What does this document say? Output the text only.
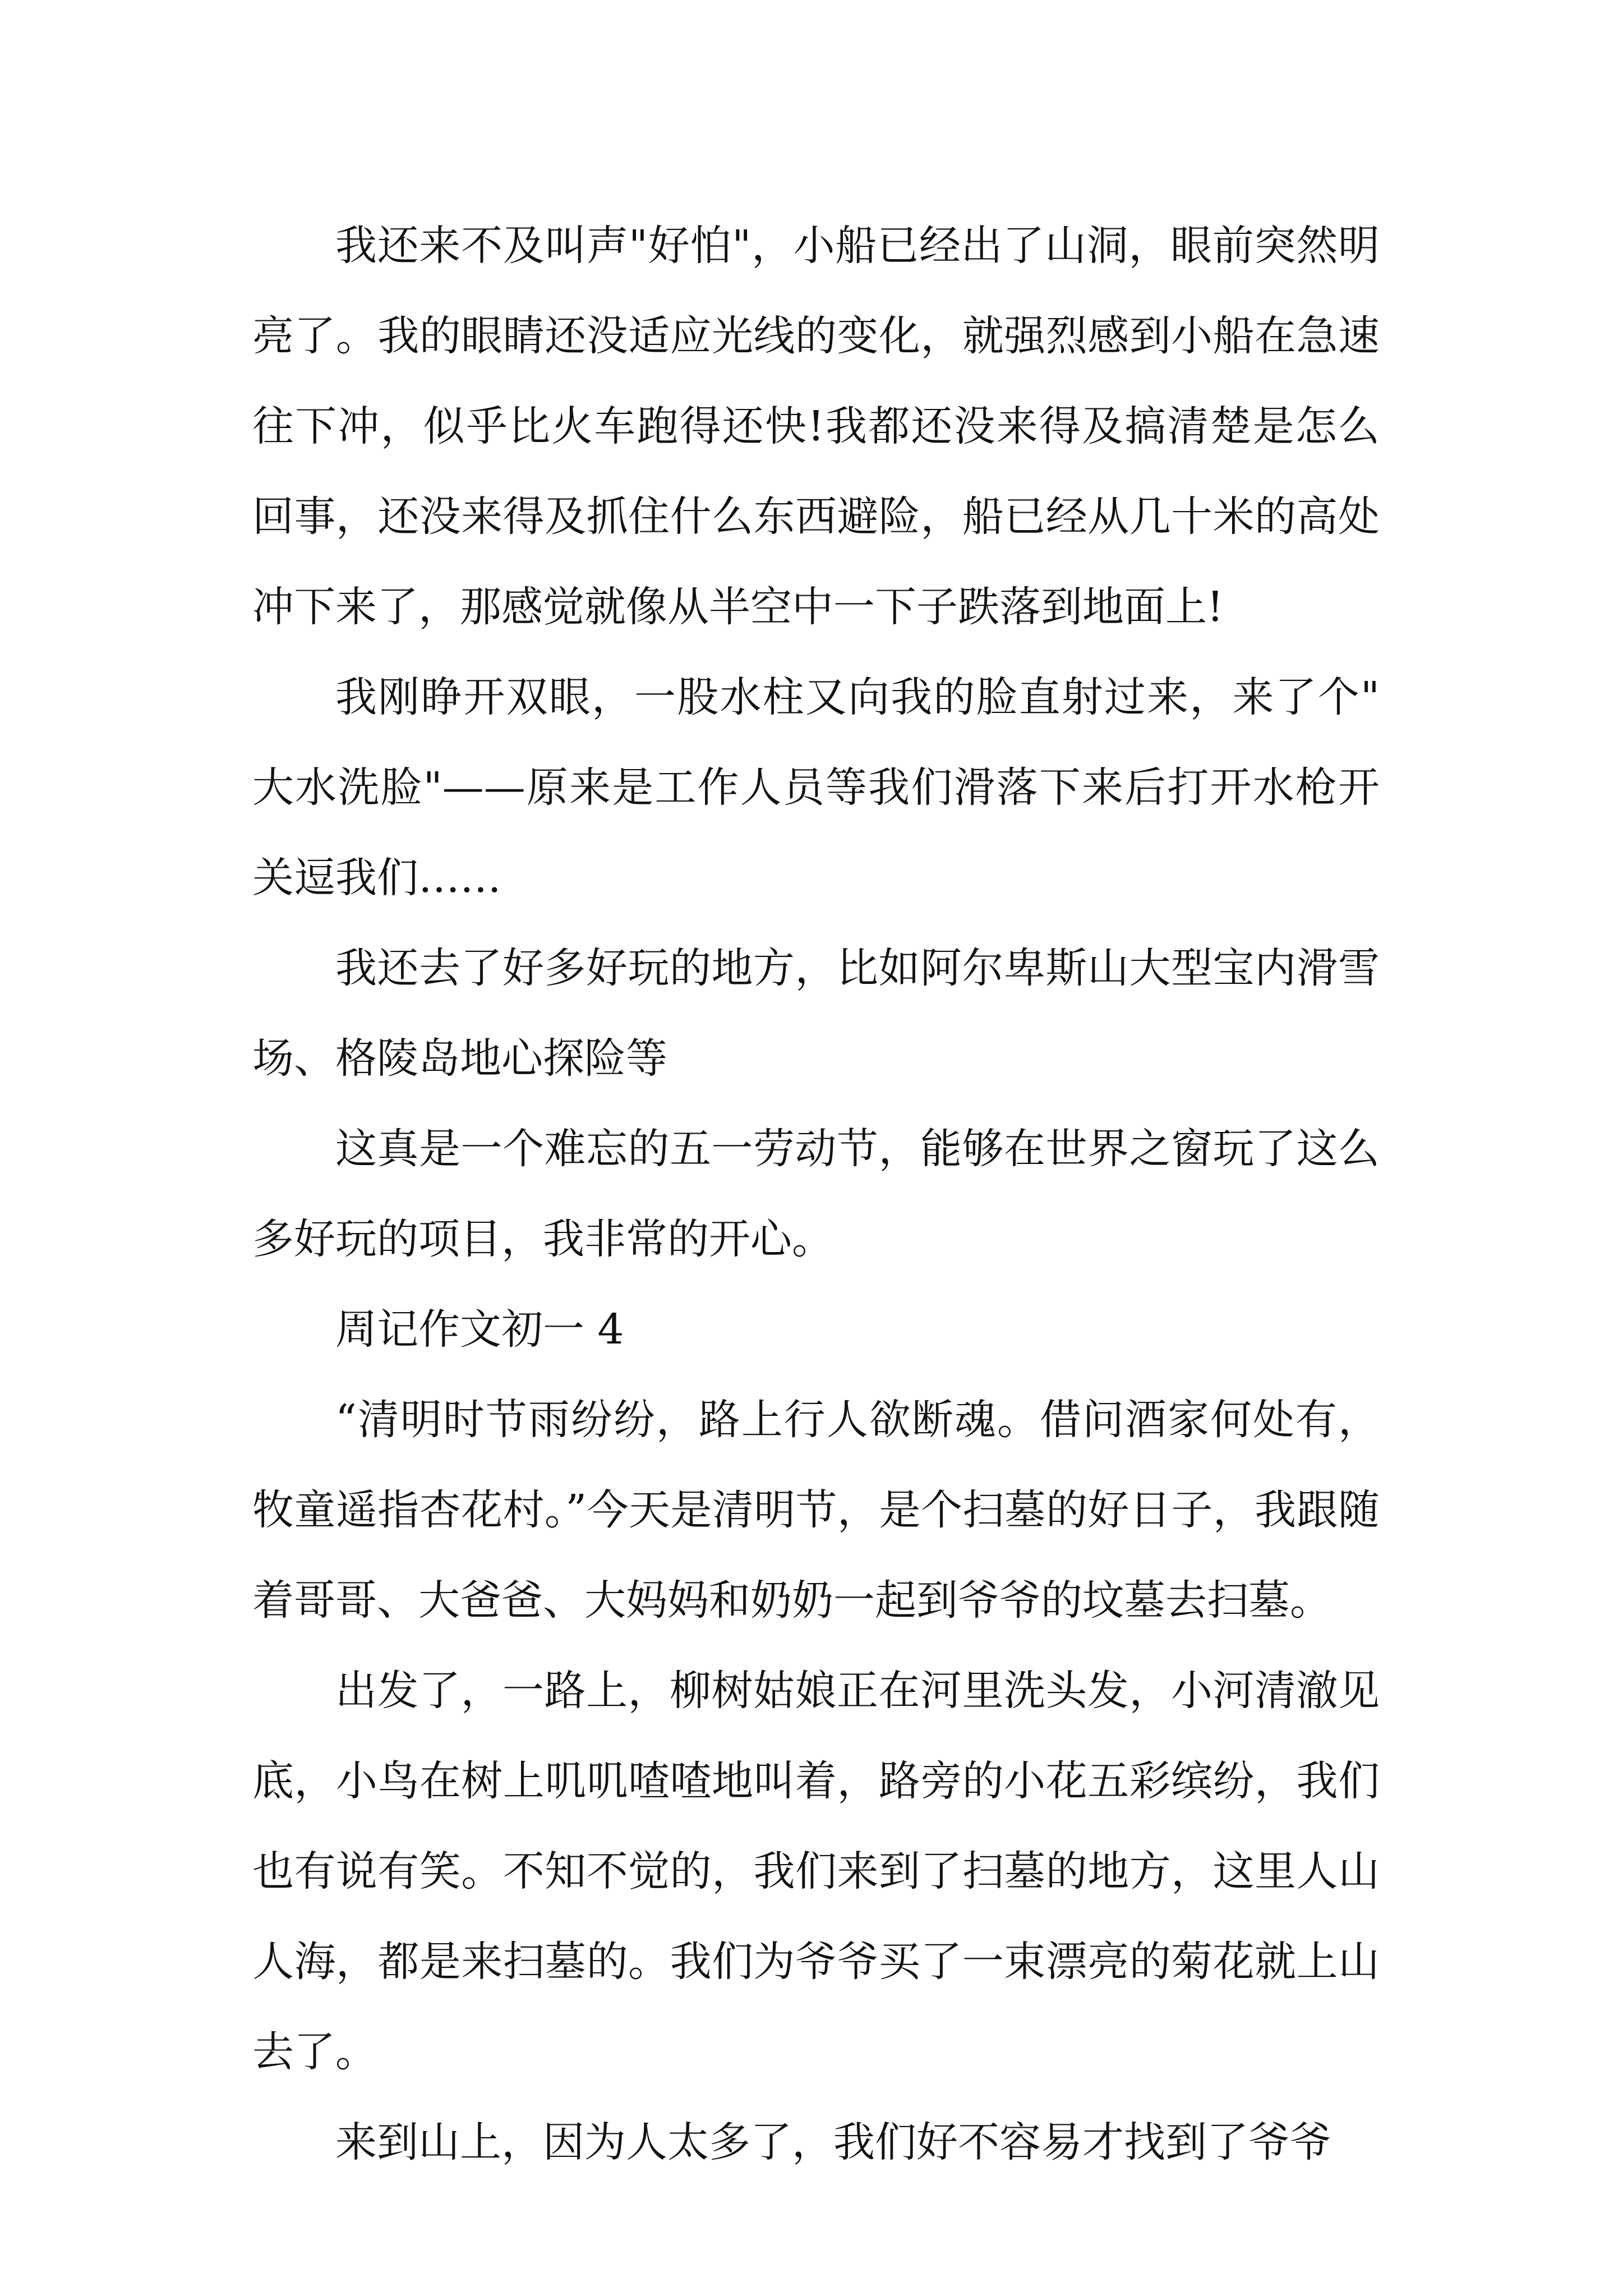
我还来不及叫声"好怕"，小船已经出了山洞，眼前突然明亮了。我的眼睛还没适应光线的变化，就强烈感到小船在急速往下冲，似乎比火车跑得还快!我都还没来得及搞清楚是怎么回事，还没来得及抓住什么东西避险，船已经从几十米的高处冲下来了，那感觉就像从半空中一下子跌落到地面上!

我刚睁开双眼，一股水柱又向我的脸直射过来，来了个"大水洗脸"——原来是工作人员等我们滑落下来后打开水枪开关逗我们……

我还去了好多好玩的地方，比如阿尔卑斯山大型宝内滑雪场、格陵岛地心探险等

这真是一个难忘的五一劳动节，能够在世界之窗玩了这么多好玩的项目，我非常的开心。

周记作文初一 4

“清明时节雨纷纷，路上行人欲断魂。借问酒家何处有，牧童遥指杏花村。”今天是清明节，是个扫墓的好日子，我跟随着哥哥、大爸爸、大妈妈和奶奶一起到爷爷的坟墓去扫墓。

出发了，一路上，柳树姑娘正在河里洗头发，小河清澈见底，小鸟在树上叽叽喳喳地叫着，路旁的小花五彩缤纷，我们也有说有笑。不知不觉的，我们来到了扫墓的地方，这里人山人海，都是来扫墓的。我们为爷爷买了一束漂亮的菊花就上山去了。

来到山上，因为人太多了，我们好不容易才找到了爷爷
